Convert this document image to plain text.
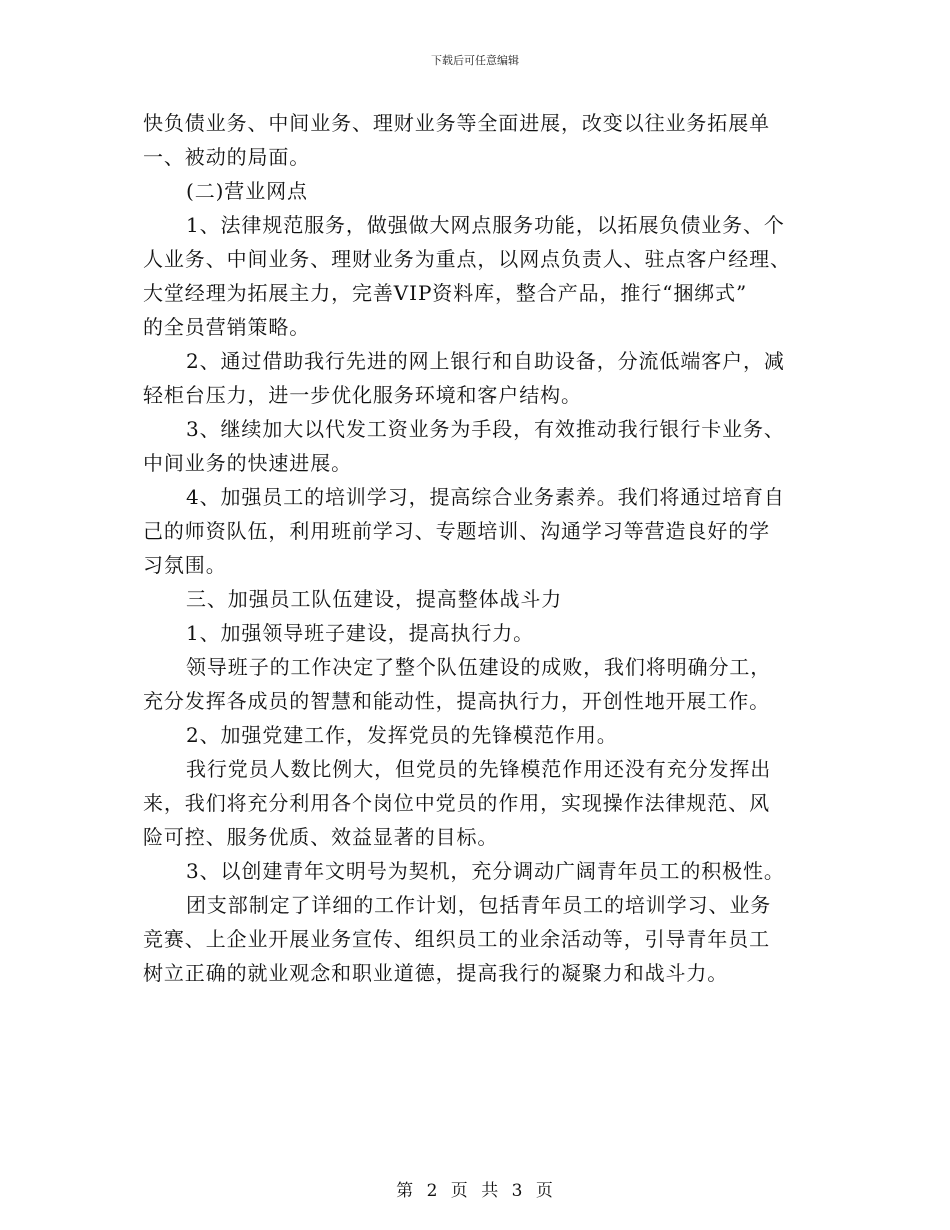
下载后可任意编辑
快负债业务、中间业务、理财业务等全面进展，改变以往业务拓展单
一、被动的局面。
(二)营业网点
1、法律规范服务，做强做大网点服务功能，以拓展负债业务、个
人业务、中间业务、理财业务为重点，以网点负责人、驻点客户经理、
大堂经理为拓展主力，完善VIP资料库，整合产品，推行“捆绑式”
的全员营销策略。
2、通过借助我行先进的网上银行和自助设备，分流低端客户，减
轻柜台压力，进一步优化服务环境和客户结构。
3、继续加大以代发工资业务为手段，有效推动我行银行卡业务、
中间业务的快速进展。
4、加强员工的培训学习，提高综合业务素养。我们将通过培育自
己的师资队伍，利用班前学习、专题培训、沟通学习等营造良好的学
习氛围。
三、加强员工队伍建设，提高整体战斗力
1、加强领导班子建设，提高执行力。
领导班子的工作决定了整个队伍建设的成败，我们将明确分工，
充分发挥各成员的智慧和能动性，提高执行力，开创性地开展工作。
2、加强党建工作，发挥党员的先锋模范作用。
我行党员人数比例大，但党员的先锋模范作用还没有充分发挥出
来，我们将充分利用各个岗位中党员的作用，实现操作法律规范、风
险可控、服务优质、效益显著的目标。
3、以创建青年文明号为契机，充分调动广阔青年员工的积极性。
团支部制定了详细的工作计划，包括青年员工的培训学习、业务
竞赛、上企业开展业务宣传、组织员工的业余活动等，引导青年员工
树立正确的就业观念和职业道德，提高我行的凝聚力和战斗力。
第 2 页 共 3 页
